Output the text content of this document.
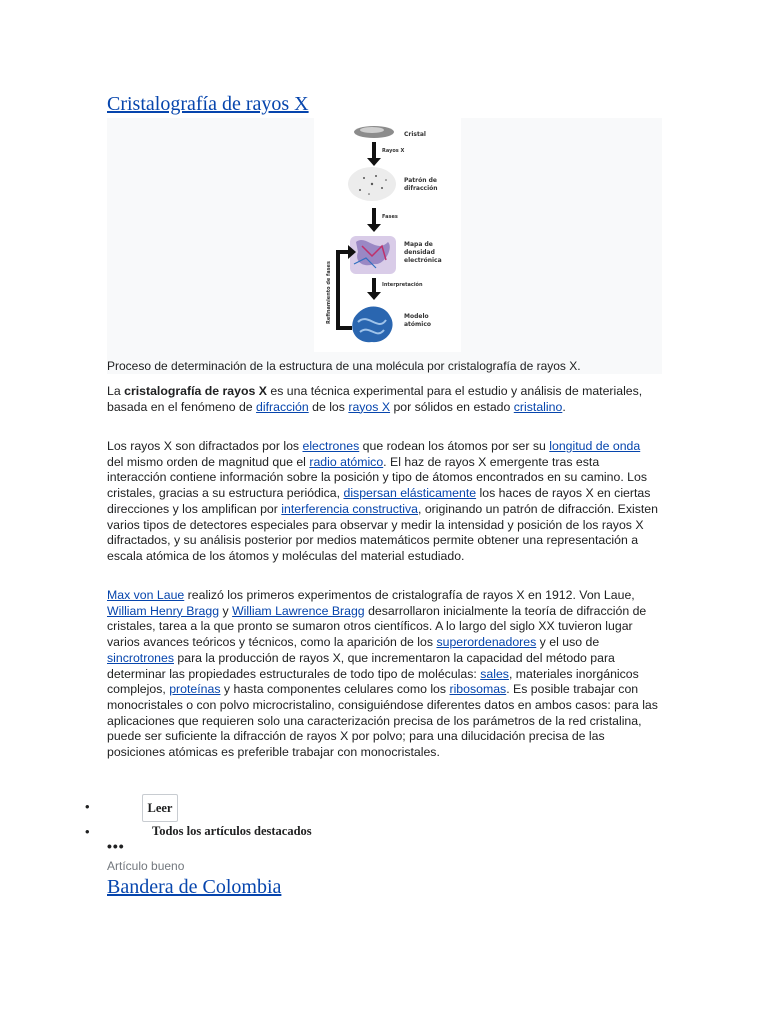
Cristalografía de rayos X
Cristal
Rayos X
Patrón de
difracción
Fases
Mapa de
densidad
electrónica
Interpretación
Modelo
atómico
Refinamiento de fases
Proceso de determinación de la estructura de una molécula por cristalografía de rayos X.

La cristalografía de rayos X es una técnica experimental para el estudio y análisis de materiales, basada en el fenómeno de difracción de los rayos X por sólidos en estado cristalino.

Los rayos X son difractados por los electrones que rodean los átomos por ser su longitud de onda del mismo orden de magnitud que el radio atómico. El haz de rayos X emergente tras esta interacción contiene información sobre la posición y tipo de átomos encontrados en su camino. Los cristales, gracias a su estructura periódica, dispersan elásticamente los haces de rayos X en ciertas direcciones y los amplifican por interferencia constructiva, originando un patrón de difracción. Existen varios tipos de detectores especiales para observar y medir la intensidad y posición de los rayos X difractados, y su análisis posterior por medios matemáticos permite obtener una representación a escala atómica de los átomos y moléculas del material estudiado.

Max von Laue realizó los primeros experimentos de cristalografía de rayos X en 1912. Von Laue, William Henry Bragg y William Lawrence Bragg desarrollaron inicialmente la teoría de difracción de cristales, tarea a la que pronto se sumaron otros científicos. A lo largo del siglo XX tuvieron lugar varios avances teóricos y técnicos, como la aparición de los superordenadores y el uso de sincrotrones para la producción de rayos X, que incrementaron la capacidad del método para determinar las propiedades estructurales de todo tipo de moléculas: sales, materiales inorgánicos complejos, proteínas y hasta componentes celulares como los ribosomas. Es posible trabajar con monocristales o con polvo microcristalino, consiguiéndose diferentes datos en ambos casos: para las aplicaciones que requieren solo una caracterización precisa de los parámetros de la red cristalina, puede ser suficiente la difracción de rayos X por polvo; para una dilucidación precisa de las posiciones atómicas es preferible trabajar con monocristales.

•	Leer
•	Todos los artículos destacados
•••
Artículo bueno
Bandera de Colombia
